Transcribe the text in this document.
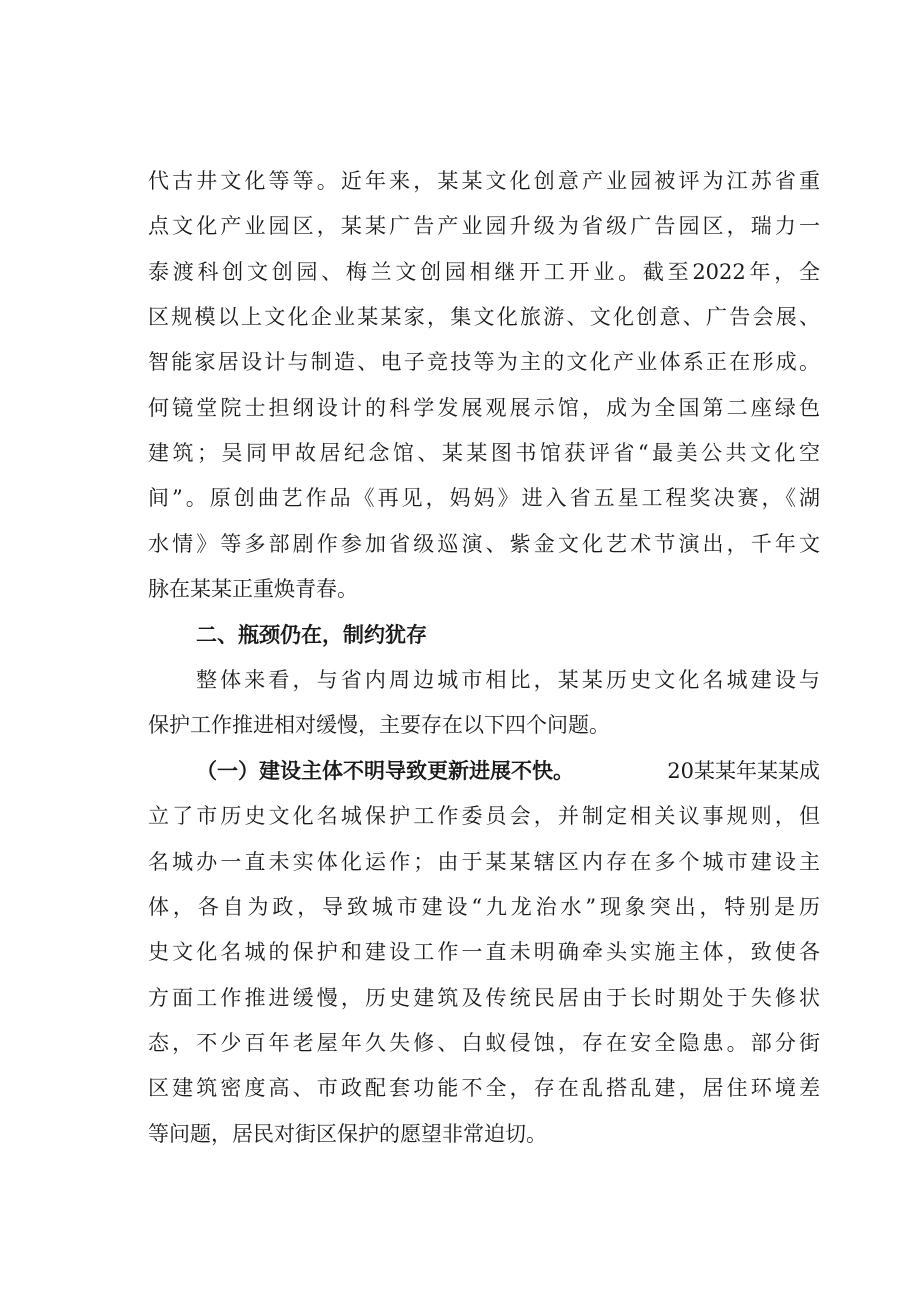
代古井文化等等。近年来，某某文化创意产业园被评为江苏省重
点文化产业园区，某某广告产业园升级为省级广告园区，瑞力一
泰渡科创文创园、梅兰文创园相继开工开业。截至2022年，全
区规模以上文化企业某某家，集文化旅游、文化创意、广告会展、
智能家居设计与制造、电子竞技等为主的文化产业体系正在形成。
何镜堂院士担纲设计的科学发展观展示馆，成为全国第二座绿色
建筑；吴同甲故居纪念馆、某某图书馆获评省“最美公共文化空
间”。原创曲艺作品《再见，妈妈》进入省五星工程奖决赛，《湖
水情》等多部剧作参加省级巡演、紫金文化艺术节演出，千年文
脉在某某正重焕青春。
二、瓶颈仍在，制约犹存
整体来看，与省内周边城市相比，某某历史文化名城建设与
保护工作推进相对缓慢，主要存在以下四个问题。
（一）建设主体不明导致更新进展不快。	20某某年某某成
立了市历史文化名城保护工作委员会，并制定相关议事规则，但
名城办一直未实体化运作；由于某某辖区内存在多个城市建设主
体，各自为政，导致城市建设“九龙治水”现象突出，特别是历
史文化名城的保护和建设工作一直未明确牵头实施主体，致使各
方面工作推进缓慢，历史建筑及传统民居由于长时期处于失修状
态，不少百年老屋年久失修、白蚁侵蚀，存在安全隐患。部分街
区建筑密度高、市政配套功能不全，存在乱搭乱建，居住环境差
等问题，居民对街区保护的愿望非常迫切。
